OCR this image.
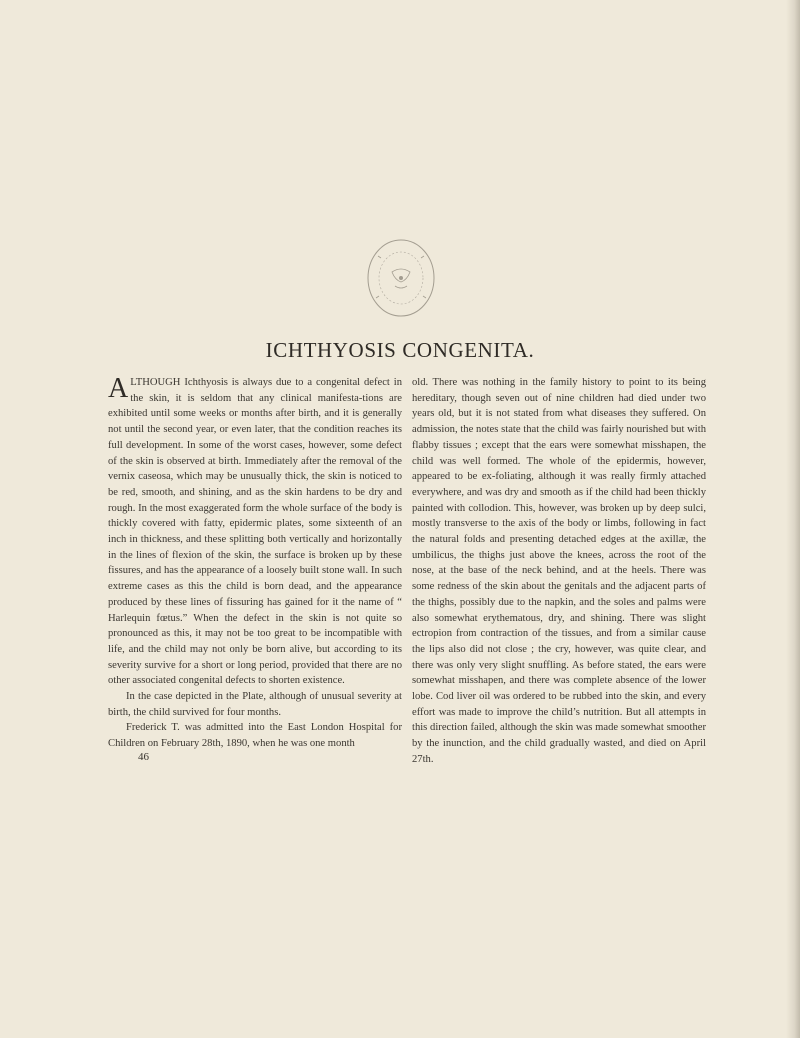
ICHTHYOSIS CONGENITA.

ALTHOUGH Ichthyosis is always due to a congenital defect in the skin, it is seldom that any clinical manifesta-tions are exhibited until some weeks or months after birth, and it is generally not until the second year, or even later, that the condition reaches its full development. In some of the worst cases, however, some defect of the skin is observed at birth. Immediately after the removal of the vernix caseosa, which may be unusually thick, the skin is noticed to be red, smooth, and shining, and as the skin hardens to be dry and rough. In the most exaggerated form the whole surface of the body is thickly covered with fatty, epidermic plates, some sixteenth of an inch in thickness, and these splitting both vertically and horizontally in the lines of flexion of the skin, the surface is broken up by these fissures, and has the appearance of a loosely built stone wall. In such extreme cases as this the child is born dead, and the appearance produced by these lines of fissuring has gained for it the name of “ Harlequin fœtus.” When the defect in the skin is not quite so pronounced as this, it may not be too great to be incompatible with life, and the child may not only be born alive, but according to its severity survive for a short or long period, provided that there are no other associated congenital defects to shorten existence.

In the case depicted in the Plate, although of unusual severity at birth, the child survived for four months.

Frederick T. was admitted into the East London Hospital for Children on February 28th, 1890, when he was one month

old. There was nothing in the family history to point to its being hereditary, though seven out of nine children had died under two years old, but it is not stated from what diseases they suffered. On admission, the notes state that the child was fairly nourished but with flabby tissues ; except that the ears were somewhat misshapen, the child was well formed. The whole of the epidermis, however, appeared to be ex-foliating, although it was really firmly attached everywhere, and was dry and smooth as if the child had been thickly painted with collodion. This, however, was broken up by deep sulci, mostly transverse to the axis of the body or limbs, following in fact the natural folds and presenting detached edges at the axillæ, the umbilicus, the thighs just above the knees, across the root of the nose, at the base of the neck behind, and at the heels. There was some redness of the skin about the genitals and the adjacent parts of the thighs, possibly due to the napkin, and the soles and palms were also somewhat erythematous, dry, and shining. There was slight ectropion from contraction of the tissues, and from a similar cause the lips also did not close ; the cry, however, was quite clear, and there was only very slight snuffling. As before stated, the ears were somewhat misshapen, and there was complete absence of the lower lobe. Cod liver oil was ordered to be rubbed into the skin, and every effort was made to improve the child’s nutrition. But all attempts in this direction failed, although the skin was made somewhat smoother by the inunction, and the child gradually wasted, and died on April 27th.

46
